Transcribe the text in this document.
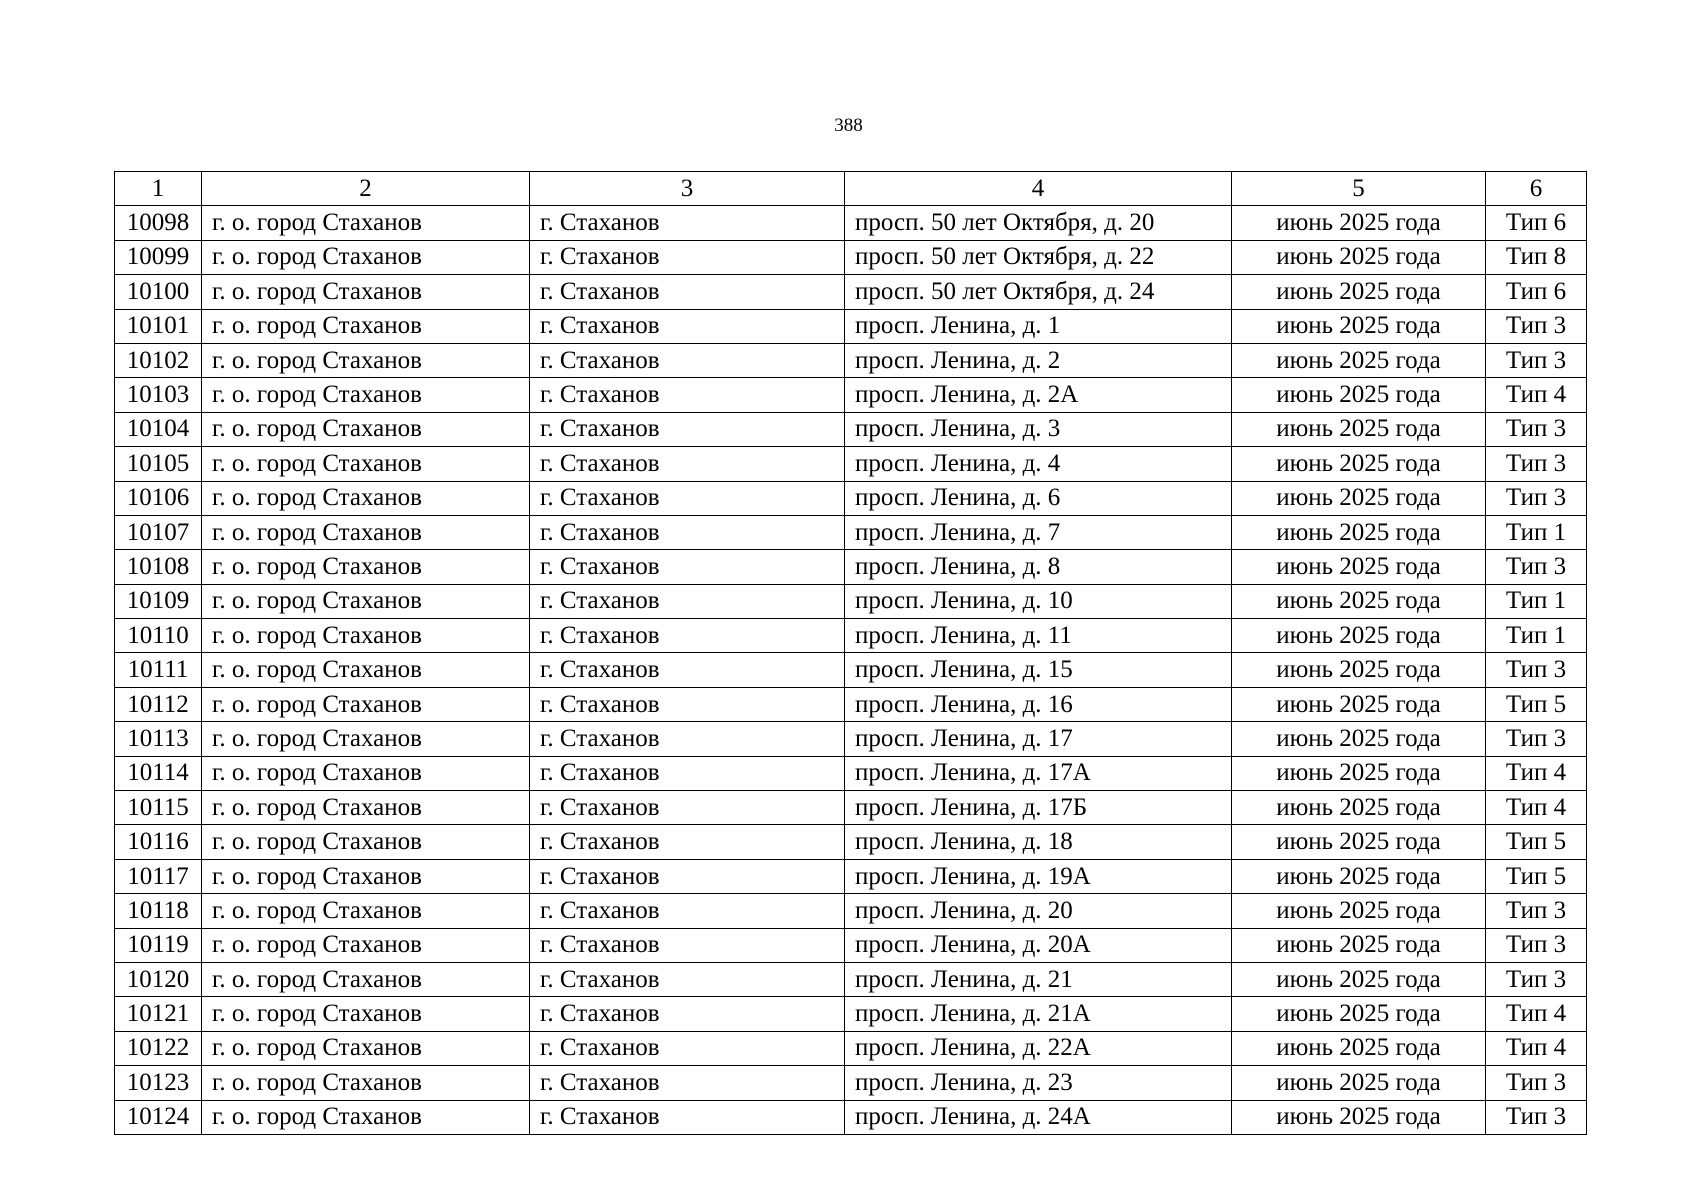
388
1	2	3	4	5	6
10098	г. о. город Стаханов	г. Стаханов	просп. 50 лет Октября, д. 20	июнь 2025 года	Тип 6
10099	г. о. город Стаханов	г. Стаханов	просп. 50 лет Октября, д. 22	июнь 2025 года	Тип 8
10100	г. о. город Стаханов	г. Стаханов	просп. 50 лет Октября, д. 24	июнь 2025 года	Тип 6
10101	г. о. город Стаханов	г. Стаханов	просп. Ленина, д. 1	июнь 2025 года	Тип 3
10102	г. о. город Стаханов	г. Стаханов	просп. Ленина, д. 2	июнь 2025 года	Тип 3
10103	г. о. город Стаханов	г. Стаханов	просп. Ленина, д. 2А	июнь 2025 года	Тип 4
10104	г. о. город Стаханов	г. Стаханов	просп. Ленина, д. 3	июнь 2025 года	Тип 3
10105	г. о. город Стаханов	г. Стаханов	просп. Ленина, д. 4	июнь 2025 года	Тип 3
10106	г. о. город Стаханов	г. Стаханов	просп. Ленина, д. 6	июнь 2025 года	Тип 3
10107	г. о. город Стаханов	г. Стаханов	просп. Ленина, д. 7	июнь 2025 года	Тип 1
10108	г. о. город Стаханов	г. Стаханов	просп. Ленина, д. 8	июнь 2025 года	Тип 3
10109	г. о. город Стаханов	г. Стаханов	просп. Ленина, д. 10	июнь 2025 года	Тип 1
10110	г. о. город Стаханов	г. Стаханов	просп. Ленина, д. 11	июнь 2025 года	Тип 1
10111	г. о. город Стаханов	г. Стаханов	просп. Ленина, д. 15	июнь 2025 года	Тип 3
10112	г. о. город Стаханов	г. Стаханов	просп. Ленина, д. 16	июнь 2025 года	Тип 5
10113	г. о. город Стаханов	г. Стаханов	просп. Ленина, д. 17	июнь 2025 года	Тип 3
10114	г. о. город Стаханов	г. Стаханов	просп. Ленина, д. 17А	июнь 2025 года	Тип 4
10115	г. о. город Стаханов	г. Стаханов	просп. Ленина, д. 17Б	июнь 2025 года	Тип 4
10116	г. о. город Стаханов	г. Стаханов	просп. Ленина, д. 18	июнь 2025 года	Тип 5
10117	г. о. город Стаханов	г. Стаханов	просп. Ленина, д. 19А	июнь 2025 года	Тип 5
10118	г. о. город Стаханов	г. Стаханов	просп. Ленина, д. 20	июнь 2025 года	Тип 3
10119	г. о. город Стаханов	г. Стаханов	просп. Ленина, д. 20А	июнь 2025 года	Тип 3
10120	г. о. город Стаханов	г. Стаханов	просп. Ленина, д. 21	июнь 2025 года	Тип 3
10121	г. о. город Стаханов	г. Стаханов	просп. Ленина, д. 21А	июнь 2025 года	Тип 4
10122	г. о. город Стаханов	г. Стаханов	просп. Ленина, д. 22А	июнь 2025 года	Тип 4
10123	г. о. город Стаханов	г. Стаханов	просп. Ленина, д. 23	июнь 2025 года	Тип 3
10124	г. о. город Стаханов	г. Стаханов	просп. Ленина, д. 24А	июнь 2025 года	Тип 3
